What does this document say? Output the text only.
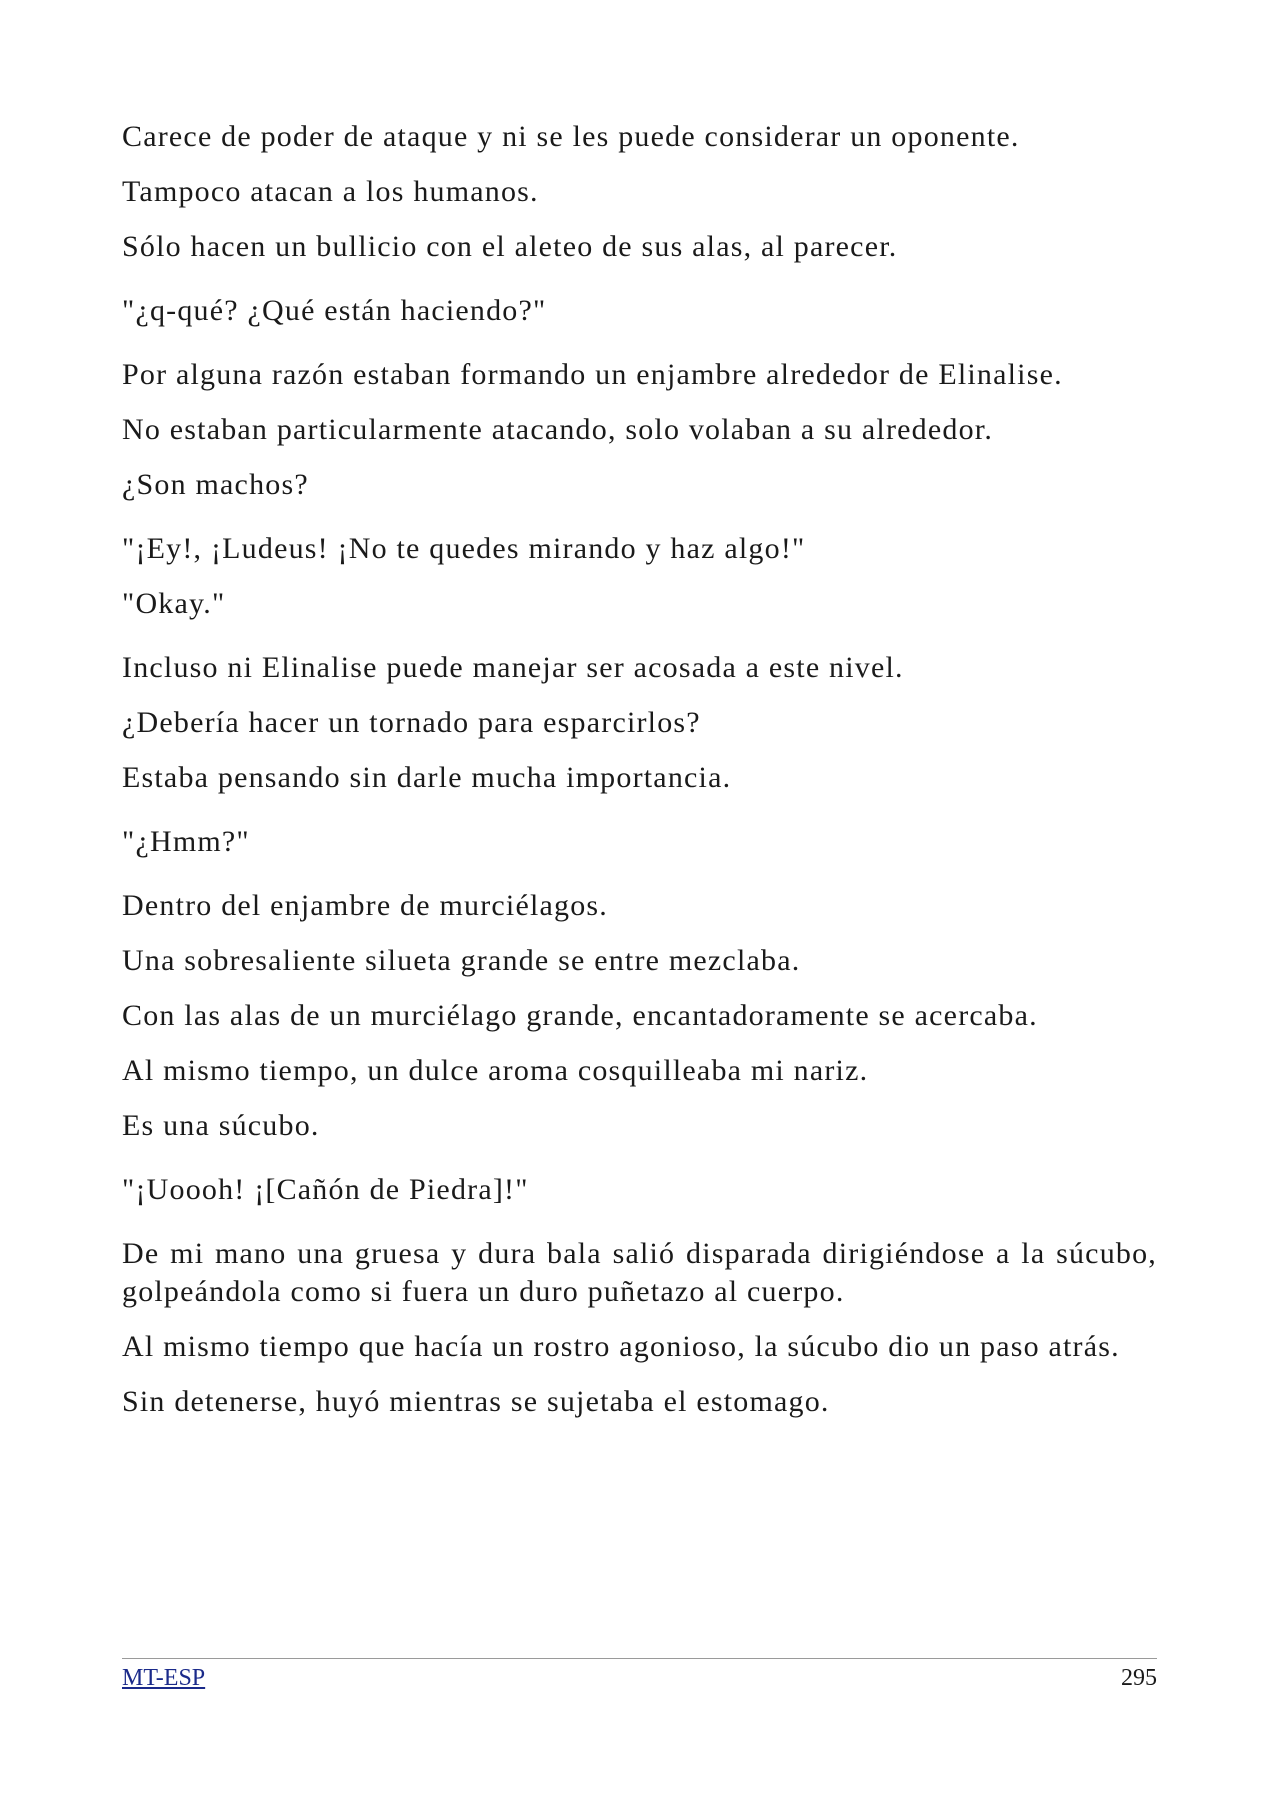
Carece de poder de ataque y ni se les puede considerar un oponente.
Tampoco atacan a los humanos.
Sólo hacen un bullicio con el aleteo de sus alas, al parecer.
"¿q-qué? ¿Qué están haciendo?"
Por alguna razón estaban formando un enjambre alrededor de Elinalise.
No estaban particularmente atacando, solo volaban a su alrededor.
¿Son machos?
"¡Ey!, ¡Ludeus! ¡No te quedes mirando y haz algo!"
"Okay."
Incluso ni Elinalise puede manejar ser acosada a este nivel.
¿Debería hacer un tornado para esparcirlos?
Estaba pensando sin darle mucha importancia.
"¿Hmm?"
Dentro del enjambre de murciélagos.
Una sobresaliente silueta grande se entre mezclaba.
Con las alas de un murciélago grande, encantadoramente se acercaba.
Al mismo tiempo, un dulce aroma cosquilleaba mi nariz.
Es una súcubo.
"¡Uoooh! ¡[Cañón de Piedra]!"
De mi mano una gruesa y dura bala salió disparada dirigiéndose a la súcubo, golpeándola como si fuera un duro puñetazo al cuerpo.
Al mismo tiempo que hacía un rostro agonioso, la súcubo dio un paso atrás.
Sin detenerse, huyó mientras se sujetaba el estomago.
MT-ESP	295
